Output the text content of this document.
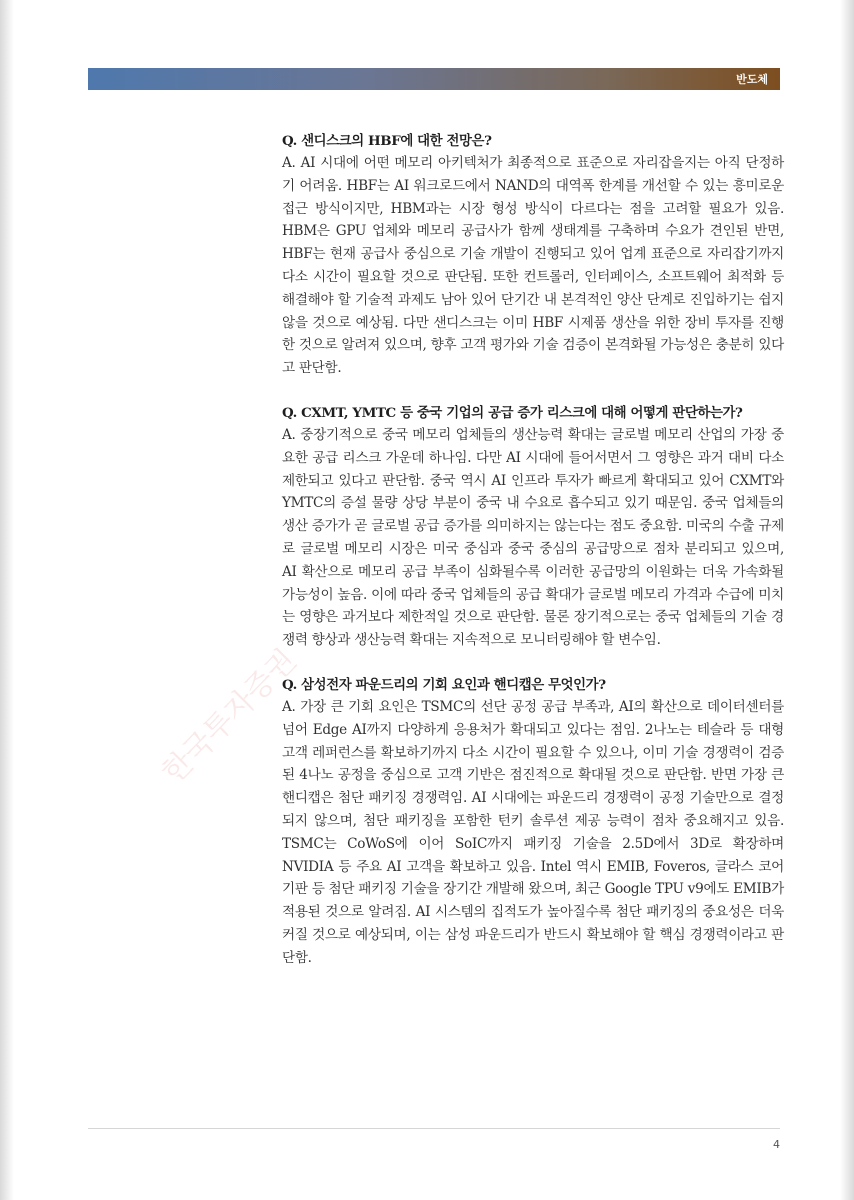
반도체
한국투자증권

Q. 샌디스크의 HBF에 대한 전망은?

A. AI 시대에 어떤 메모리 아키텍처가 최종적으로 표준으로 자리잡을지는 아직 단정하기 어려움. HBF는 AI 워크로드에서 NAND의 대역폭 한계를 개선할 수 있는 흥미로운 접근 방식이지만, HBM과는 시장 형성 방식이 다르다는 점을 고려할 필요가 있음. HBM은 GPU 업체와 메모리 공급사가 함께 생태계를 구축하며 수요가 견인된 반면, HBF는 현재 공급사 중심으로 기술 개발이 진행되고 있어 업계 표준으로 자리잡기까지 다소 시간이 필요할 것으로 판단됨. 또한 컨트롤러, 인터페이스, 소프트웨어 최적화 등 해결해야 할 기술적 과제도 남아 있어 단기간 내 본격적인 양산 단계로 진입하기는 쉽지 않을 것으로 예상됨. 다만 샌디스크는 이미 HBF 시제품 생산을 위한 장비 투자를 진행한 것으로 알려져 있으며, 향후 고객 평가와 기술 검증이 본격화될 가능성은 충분히 있다고 판단함.

Q. CXMT, YMTC 등 중국 기업의 공급 증가 리스크에 대해 어떻게 판단하는가?

A. 중장기적으로 중국 메모리 업체들의 생산능력 확대는 글로벌 메모리 산업의 가장 중요한 공급 리스크 가운데 하나임. 다만 AI 시대에 들어서면서 그 영향은 과거 대비 다소 제한되고 있다고 판단함. 중국 역시 AI 인프라 투자가 빠르게 확대되고 있어 CXMT와 YMTC의 증설 물량 상당 부분이 중국 내 수요로 흡수되고 있기 때문임. 중국 업체들의 생산 증가가 곧 글로벌 공급 증가를 의미하지는 않는다는 점도 중요함. 미국의 수출 규제로 글로벌 메모리 시장은 미국 중심과 중국 중심의 공급망으로 점차 분리되고 있으며, AI 확산으로 메모리 공급 부족이 심화될수록 이러한 공급망의 이원화는 더욱 가속화될 가능성이 높음. 이에 따라 중국 업체들의 공급 확대가 글로벌 메모리 가격과 수급에 미치는 영향은 과거보다 제한적일 것으로 판단함. 물론 장기적으로는 중국 업체들의 기술 경쟁력 향상과 생산능력 확대는 지속적으로 모니터링해야 할 변수임.

Q. 삼성전자 파운드리의 기회 요인과 핸디캡은 무엇인가?

A. 가장 큰 기회 요인은 TSMC의 선단 공정 공급 부족과, AI의 확산으로 데이터센터를 넘어 Edge AI까지 다양하게 응용처가 확대되고 있다는 점임. 2나노는 테슬라 등 대형 고객 레퍼런스를 확보하기까지 다소 시간이 필요할 수 있으나, 이미 기술 경쟁력이 검증된 4나노 공정을 중심으로 고객 기반은 점진적으로 확대될 것으로 판단함. 반면 가장 큰 핸디캡은 첨단 패키징 경쟁력임. AI 시대에는 파운드리 경쟁력이 공정 기술만으로 결정되지 않으며, 첨단 패키징을 포함한 턴키 솔루션 제공 능력이 점차 중요해지고 있음. TSMC는 CoWoS에 이어 SoIC까지 패키징 기술을 2.5D에서 3D로 확장하며 NVIDIA 등 주요 AI 고객을 확보하고 있음. Intel 역시 EMIB, Foveros, 글라스 코어 기판 등 첨단 패키징 기술을 장기간 개발해 왔으며, 최근 Google TPU v9에도 EMIB가 적용된 것으로 알려짐. AI 시스템의 집적도가 높아질수록 첨단 패키징의 중요성은 더욱 커질 것으로 예상되며, 이는 삼성 파운드리가 반드시 확보해야 할 핵심 경쟁력이라고 판단함.

4
